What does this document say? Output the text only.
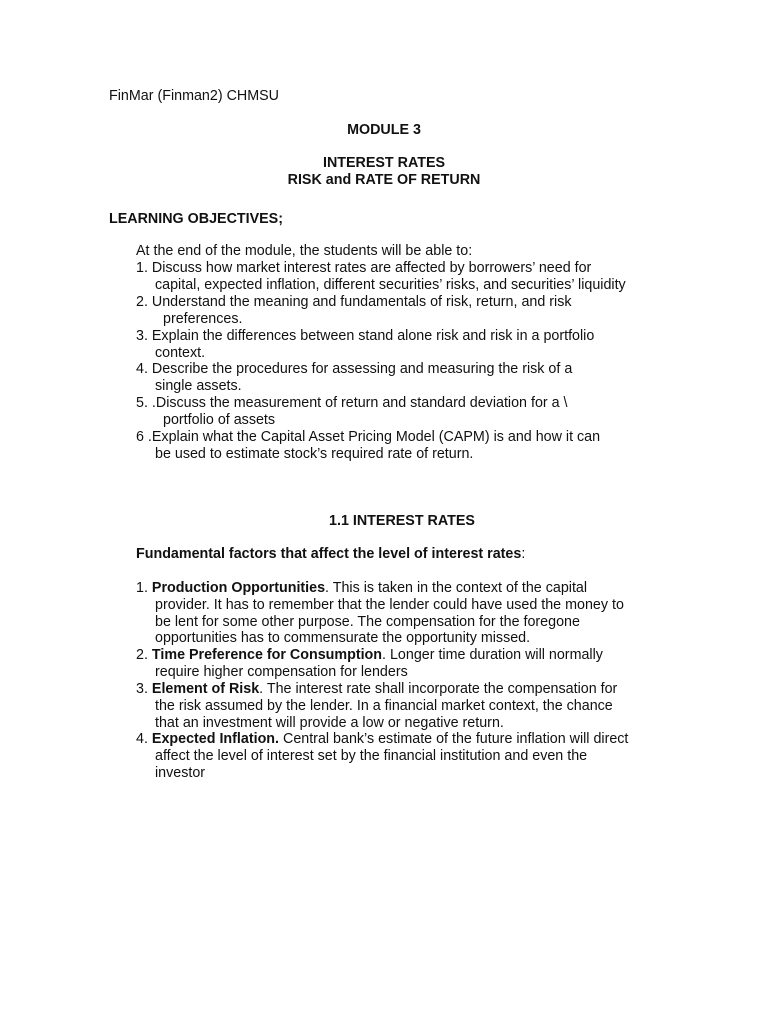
FinMar (Finman2) CHMSU
MODULE 3
INTEREST RATES
RISK and RATE OF RETURN
LEARNING OBJECTIVES;
At the end of the module, the students will be able to:
1. Discuss how market interest rates are affected by borrowers’ need for
capital, expected inflation, different securities’ risks, and securities’ liquidity
2. Understand the meaning and fundamentals of risk, return, and risk
preferences.
3. Explain the differences between stand alone risk and risk in a portfolio
context.
4. Describe the procedures for assessing and measuring the risk of a
single assets.
5. .Discuss the measurement of return and standard deviation for a \
portfolio of assets
6 .Explain what the Capital Asset Pricing Model (CAPM) is and how it can
be used to estimate stock’s required rate of return.
1.1 INTEREST RATES
Fundamental factors that affect the level of interest rates:
1. Production Opportunities. This is taken in the context of the capital
provider. It has to remember that the lender could have used the money to
be lent for some other purpose. The compensation for the foregone
opportunities has to commensurate the opportunity missed.
2. Time Preference for Consumption. Longer time duration will normally
require higher compensation for lenders
3. Element of Risk. The interest rate shall incorporate the compensation for
the risk assumed by the lender. In a financial market context, the chance
that an investment will provide a low or negative return.
4. Expected Inflation. Central bank’s estimate of the future inflation will direct
affect the level of interest set by the financial institution and even the
investor
